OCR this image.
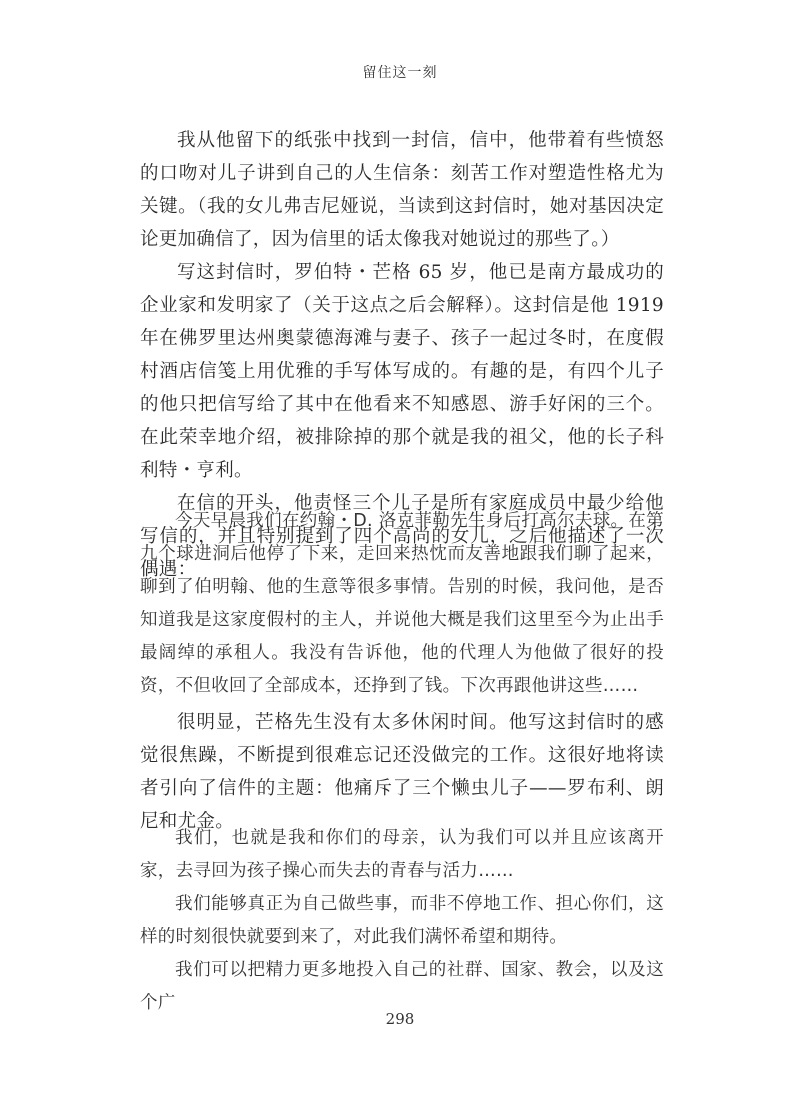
留住这一刻

我从他留下的纸张中找到一封信，信中，他带着有些愤怒的口吻对儿子讲到自己的人生信条：刻苦工作对塑造性格尤为关键。（我的女儿弗吉尼娅说，当读到这封信时，她对基因决定论更加确信了，因为信里的话太像我对她说过的那些了。）

写这封信时，罗伯特・芒格 65 岁，他已是南方最成功的企业家和发明家了（关于这点之后会解释）。这封信是他 1919 年在佛罗里达州奥蒙德海滩与妻子、孩子一起过冬时，在度假村酒店信笺上用优雅的手写体写成的。有趣的是，有四个儿子的他只把信写给了其中在他看来不知感恩、游手好闲的三个。在此荣幸地介绍，被排除掉的那个就是我的祖父，他的长子科利特・亨利。

在信的开头，他责怪三个儿子是所有家庭成员中最少给他写信的，并且特别提到了四个高尚的女儿，之后他描述了一次偶遇：

今天早晨我们在约翰・D. 洛克菲勒先生身后打高尔夫球。在第九个球进洞后他停了下来，走回来热忱而友善地跟我们聊了起来，聊到了伯明翰、他的生意等很多事情。告别的时候，我问他，是否知道我是这家度假村的主人，并说他大概是我们这里至今为止出手最阔绰的承租人。我没有告诉他，他的代理人为他做了很好的投资，不但收回了全部成本，还挣到了钱。下次再跟他讲这些……

很明显，芒格先生没有太多休闲时间。他写这封信时的感觉很焦躁，不断提到很难忘记还没做完的工作。这很好地将读者引向了信件的主题：他痛斥了三个懒虫儿子——罗布利、朗尼和尤金。

我们，也就是我和你们的母亲，认为我们可以并且应该离开家，去寻回为孩子操心而失去的青春与活力……

我们能够真正为自己做些事，而非不停地工作、担心你们，这样的时刻很快就要到来了，对此我们满怀希望和期待。

我们可以把精力更多地投入自己的社群、国家、教会，以及这个广

298
